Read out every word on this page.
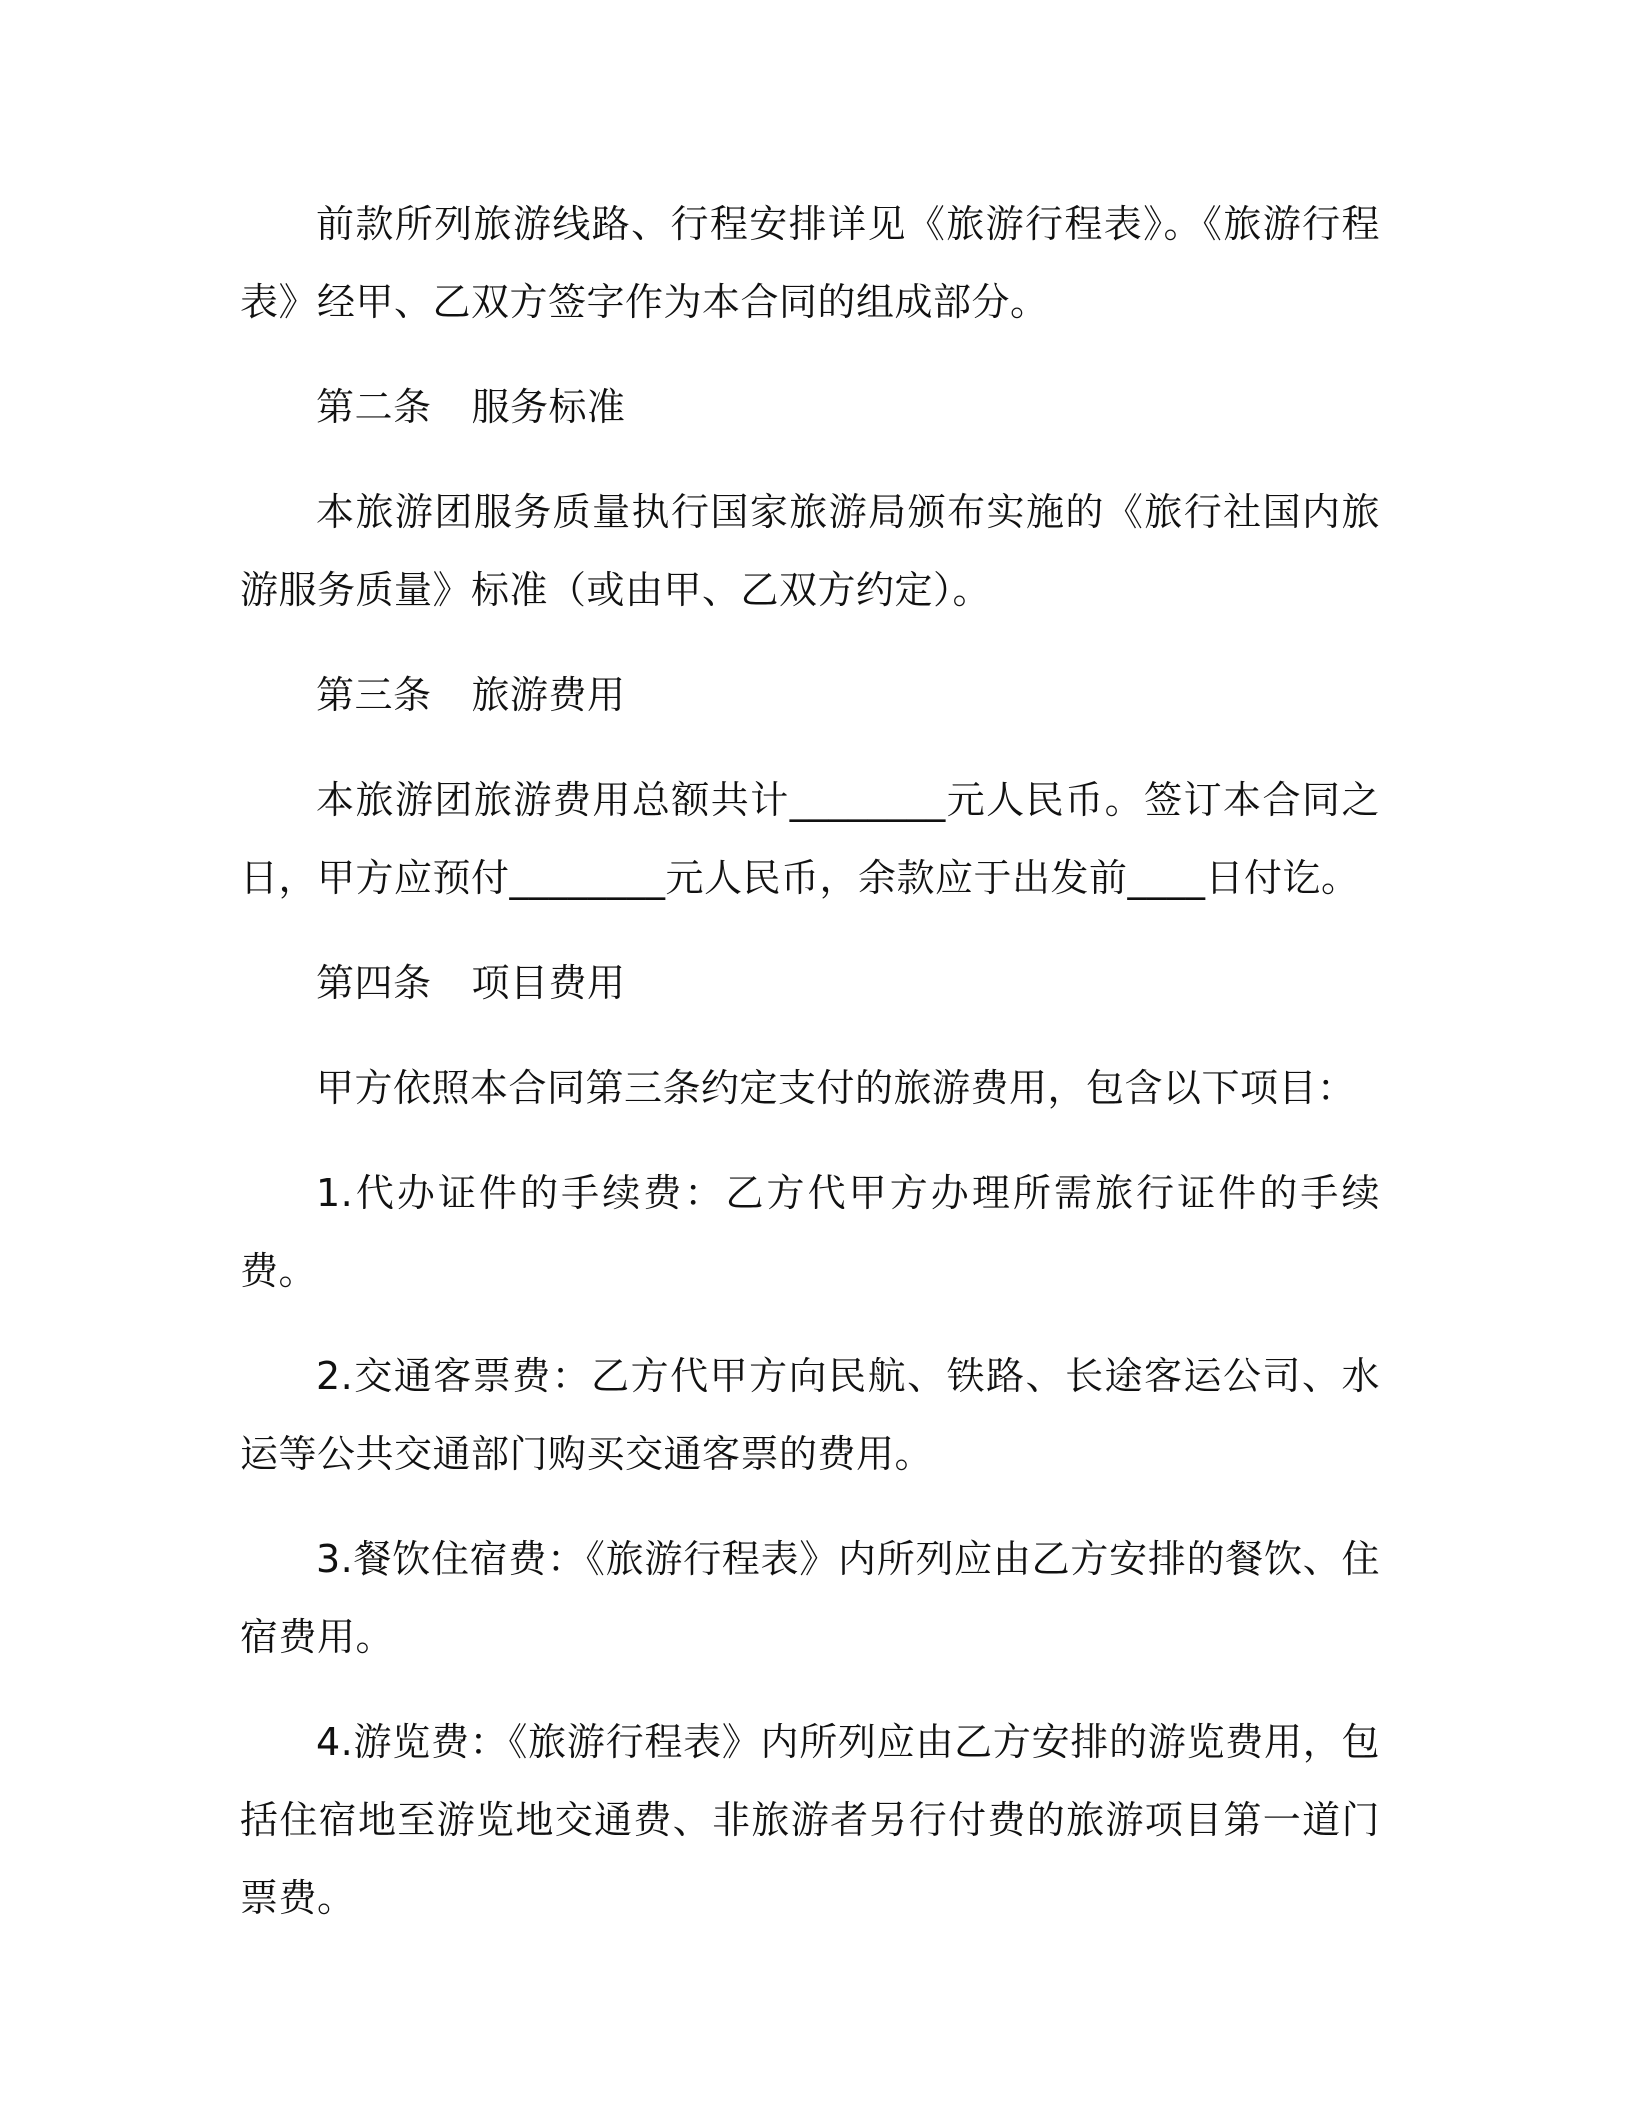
前款所列旅游线路、行程安排详见《旅游行程表》。《旅游行程表》经甲、乙双方签字作为本合同的组成部分。

第二条 服务标准

本旅游团服务质量执行国家旅游局颁布实施的《旅行社国内旅游服务质量》标准（或由甲、乙双方约定）。

第三条 旅游费用

本旅游团旅游费用总额共计________元人民币。签订本合同之日，甲方应预付________元人民币，余款应于出发前____日付讫。

第四条 项目费用

甲方依照本合同第三条约定支付的旅游费用，包含以下项目：

1.代办证件的手续费：乙方代甲方办理所需旅行证件的手续费。

2.交通客票费：乙方代甲方向民航、铁路、长途客运公司、水运等公共交通部门购买交通客票的费用。

3.餐饮住宿费：《旅游行程表》内所列应由乙方安排的餐饮、住宿费用。

4.游览费：《旅游行程表》内所列应由乙方安排的游览费用，包括住宿地至游览地交通费、非旅游者另行付费的旅游项目第一道门票费。
